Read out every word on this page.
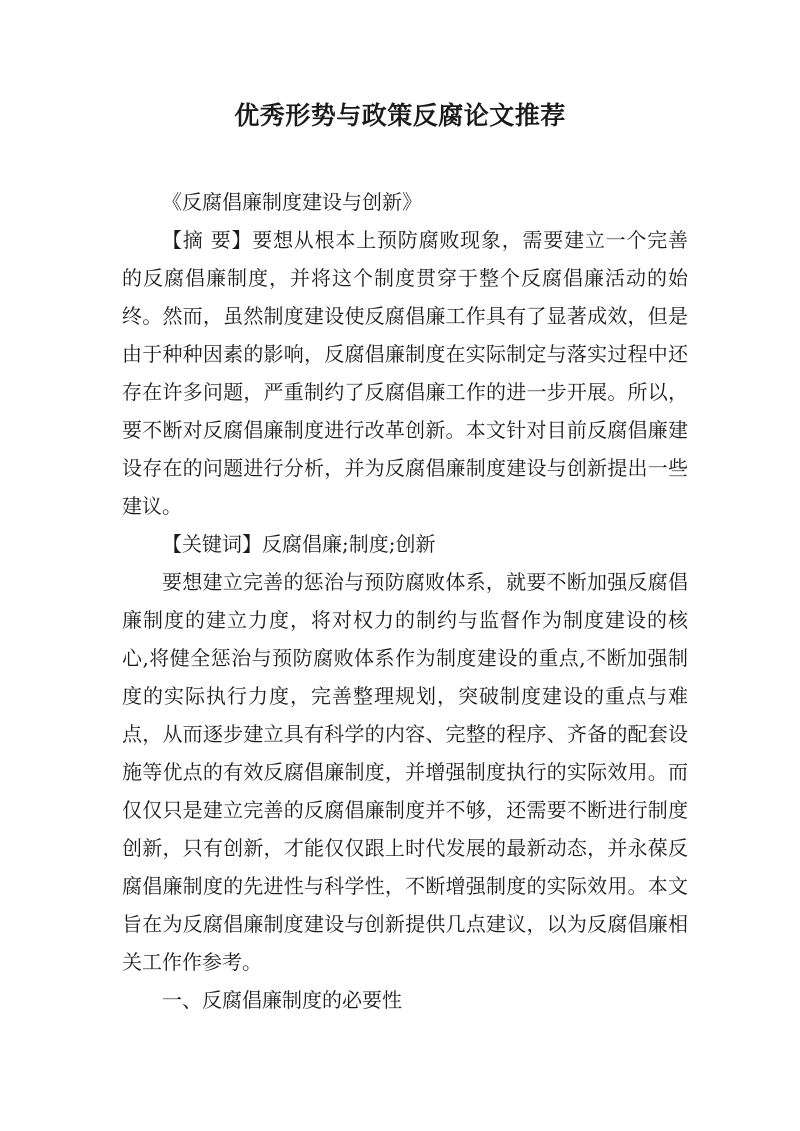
优秀形势与政策反腐论文推荐

《反腐倡廉制度建设与创新》

【摘 要】要想从根本上预防腐败现象，需要建立一个完善的反腐倡廉制度，并将这个制度贯穿于整个反腐倡廉活动的始终。然而，虽然制度建设使反腐倡廉工作具有了显著成效，但是由于种种因素的影响，反腐倡廉制度在实际制定与落实过程中还存在许多问题，严重制约了反腐倡廉工作的进一步开展。所以，要不断对反腐倡廉制度进行改革创新。本文针对目前反腐倡廉建设存在的问题进行分析，并为反腐倡廉制度建设与创新提出一些建议。

【关键词】反腐倡廉;制度;创新

要想建立完善的惩治与预防腐败体系，就要不断加强反腐倡廉制度的建立力度，将对权力的制约与监督作为制度建设的核心,将健全惩治与预防腐败体系作为制度建设的重点,不断加强制度的实际执行力度，完善整理规划，突破制度建设的重点与难点，从而逐步建立具有科学的内容、完整的程序、齐备的配套设施等优点的有效反腐倡廉制度，并增强制度执行的实际效用。而仅仅只是建立完善的反腐倡廉制度并不够，还需要不断进行制度创新，只有创新，才能仅仅跟上时代发展的最新动态，并永葆反腐倡廉制度的先进性与科学性，不断增强制度的实际效用。本文旨在为反腐倡廉制度建设与创新提供几点建议，以为反腐倡廉相关工作作参考。

一、反腐倡廉制度的必要性
